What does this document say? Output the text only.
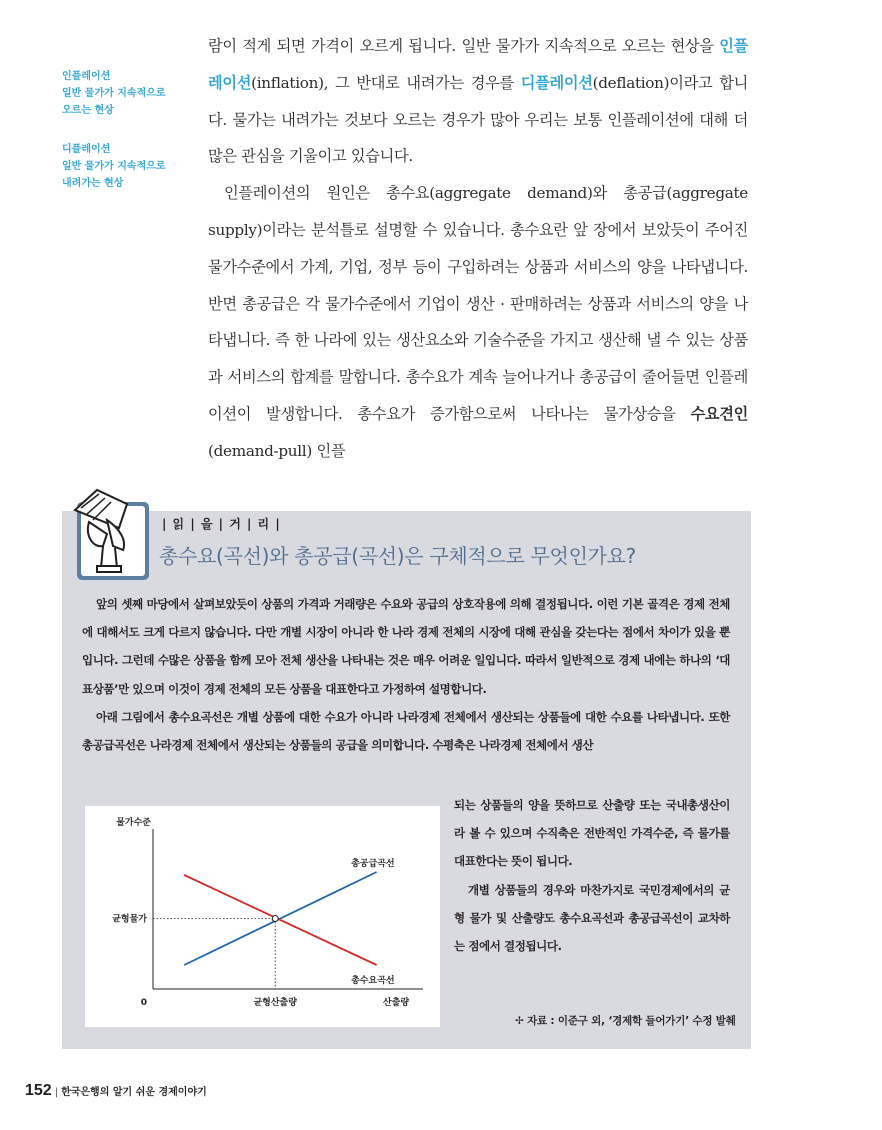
인플레이션
일반 물가가 지속적으로
오르는 현상
디플레이션
일반 물가가 지속적으로
내려가는 현상

람이 적게 되면 가격이 오르게 됩니다. 일반 물가가 지속적으로 오르는 현상을 인플레이션(inflation), 그 반대로 내려가는 경우를 디플레이션(deflation)이라고 합니다. 물가는 내려가는 것보다 오르는 경우가 많아 우리는 보통 인플레이션에 대해 더 많은 관심을 기울이고 있습니다.

인플레이션의 원인은 총수요(aggregate demand)와 총공급(aggregate supply)이라는 분석틀로 설명할 수 있습니다. 총수요란 앞 장에서 보았듯이 주어진 물가수준에서 가계, 기업, 정부 등이 구입하려는 상품과 서비스의 양을 나타냅니다. 반면 총공급은 각 물가수준에서 기업이 생산 · 판매하려는 상품과 서비스의 양을 나타냅니다. 즉 한 나라에 있는 생산요소와 기술수준을 가지고 생산해 낼 수 있는 상품과 서비스의 합계를 말합니다. 총수요가 계속 늘어나거나 총공급이 줄어들면 인플레이션이 발생합니다. 총수요가 증가함으로써 나타나는 물가상승을 수요견인(demand-pull) 인플

| 읽 | 을 | 거 | 리 |
총수요(곡선)와 총공급(곡선)은 구체적으로 무엇인가요?

앞의 셋째 마당에서 살펴보았듯이 상품의 가격과 거래량은 수요와 공급의 상호작용에 의해 결정됩니다. 이런 기본 골격은 경제 전체에 대해서도 크게 다르지 않습니다. 다만 개별 시장이 아니라 한 나라 경제 전체의 시장에 대해 관심을 갖는다는 점에서 차이가 있을 뿐입니다. 그런데 수많은 상품을 함께 모아 전체 생산을 나타내는 것은 매우 어려운 일입니다. 따라서 일반적으로 경제 내에는 하나의 ‘대표상품’만 있으며 이것이 경제 전체의 모든 상품을 대표한다고 가정하여 설명합니다.

아래 그림에서 총수요곡선은 개별 상품에 대한 수요가 아니라 나라경제 전체에서 생산되는 상품들에 대한 수요를 나타냅니다. 또한 총공급곡선은 나라경제 전체에서 생산되는 상품들의 공급을 의미합니다. 수평축은 나라경제 전체에서 생산

물가수준
산출량
0
총공급곡선
총수요곡선
균형물가
균형산출량

되는 상품들의 양을 뜻하므로 산출량 또는 국내총생산이라 볼 수 있으며 수직축은 전반적인 가격수준, 즉 물가를 대표한다는 뜻이 됩니다.

개별 상품들의 경우와 마찬가지로 국민경제에서의 균형 물가 및 산출량도 총수요곡선과 총공급곡선이 교차하는 점에서 결정됩니다.

✢ 자료 : 이준구 외, ‘경제학 들어가기’ 수정 발췌
152 | 한국은행의 알기 쉬운 경제이야기
